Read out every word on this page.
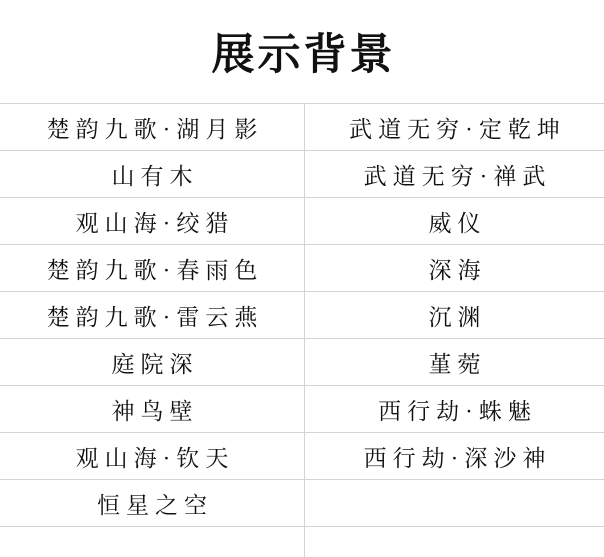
展示背景
楚韵九歌·湖月影	武道无穷·定乾坤
山有木	武道无穷·禅武
观山海·绞猎	威仪
楚韵九歌·春雨色	深海
楚韵九歌·雷云燕	沉渊
庭院深	堇菀
神鸟壁	西行劫·蛛魅
观山海·钦天	西行劫·深沙神
恒星之空
